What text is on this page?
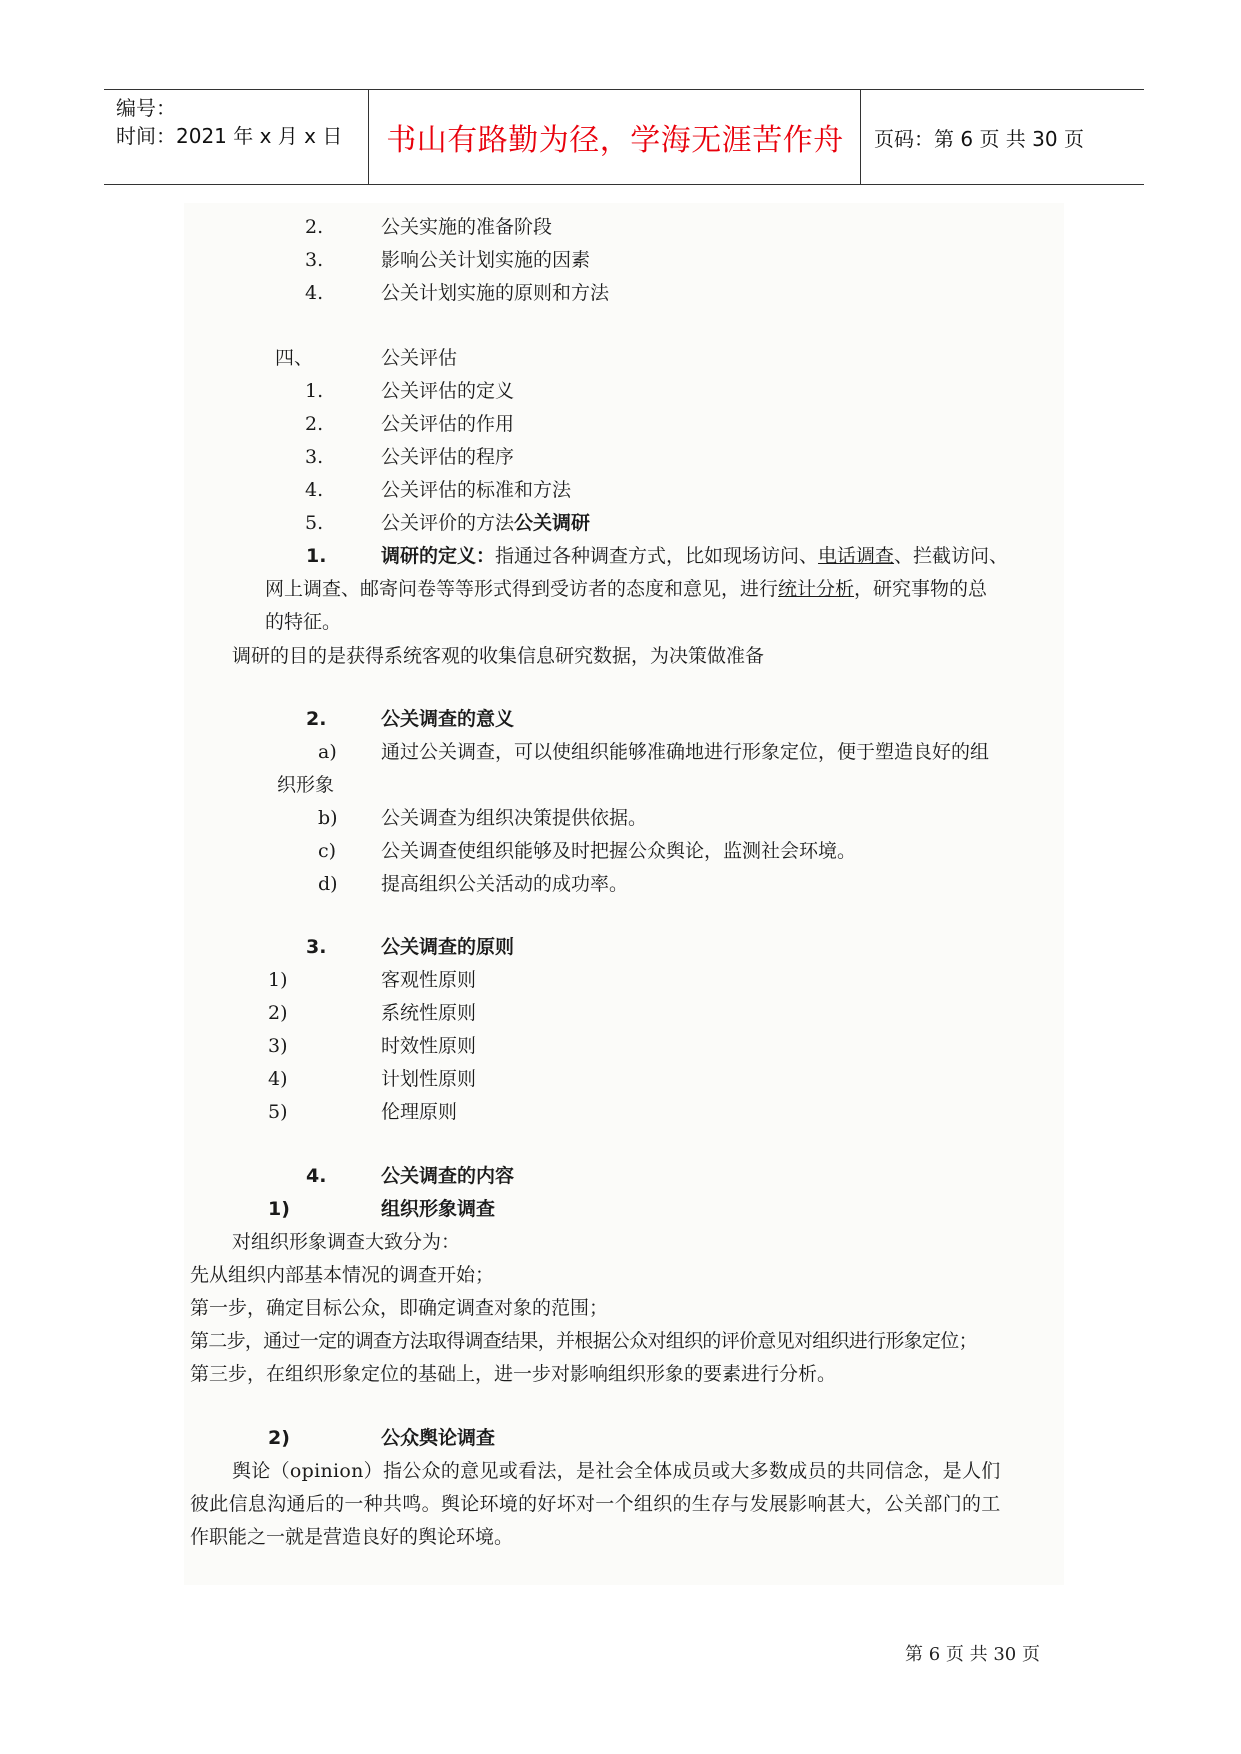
编号：
时间：2021 年 x 月 x 日	书山有路勤为径，学海无涯苦作舟	页码：第 6 页 共 30 页
2.	公关实施的准备阶段
3.	影响公关计划实施的因素
4.	公关计划实施的原则和方法
四、	公关评估
1.	公关评估的定义
2.	公关评估的作用
3.	公关评估的程序
4.	公关评估的标准和方法
5.	公关评价的方法公关调研
1.	调研的定义：指通过各种调查方式，比如现场访问、电话调查、拦截访问、
网上调查、邮寄问卷等等形式得到受访者的态度和意见，进行统计分析，研究事物的总
的特征。
调研的目的是获得系统客观的收集信息研究数据，为决策做准备
2.	公关调查的意义
a) 通过公关调查，可以使组织能够准确地进行形象定位，便于塑造良好的组
织形象
b) 公关调查为组织决策提供依据。
c) 公关调查使组织能够及时把握公众舆论，监测社会环境。
d) 提高组织公关活动的成功率。
3.	公关调查的原则
1)	客观性原则
2)	系统性原则
3)	时效性原则
4)	计划性原则
5)	伦理原则
4.	公关调查的内容
1)	组织形象调查
对组织形象调查大致分为：
先从组织内部基本情况的调查开始；
第一步，确定目标公众，即确定调查对象的范围；
第二步，通过一定的调查方法取得调查结果，并根据公众对组织的评价意见对组织进行形象定位；
第三步，在组织形象定位的基础上，进一步对影响组织形象的要素进行分析。
2)	公众舆论调查
舆论（opinion）指公众的意见或看法，是社会全体成员或大多数成员的共同信念，是人们
彼此信息沟通后的一种共鸣。舆论环境的好坏对一个组织的生存与发展影响甚大，公关部门的工
作职能之一就是营造良好的舆论环境。
第 6 页 共 30 页
